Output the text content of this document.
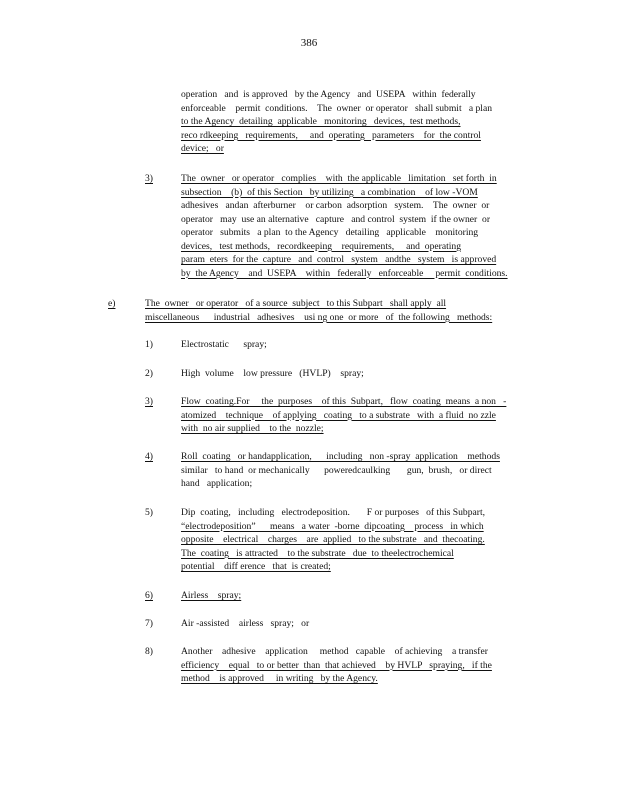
386
operation   and  is approved   by the Agency   and  USEPA   within  federally
enforceable    permit  conditions.    The  owner  or operator   shall submit   a plan
to the Agency  detailing  applicable   monitoring   devices,  test methods,
reco rdkeeping   requirements,     and  operating   parameters    for  the control
device;   or
3)	The  owner   or operator   complies    with  the applicable   limitation   set forth  in
subsection    (b)  of this Section   by utilizing   a combination    of low -VOM
adhesives   andan  afterburner    or carbon  adsorption   system.    The  owner  or
operator   may  use an alternative   capture   and control  system  if the owner  or
operator   submits   a plan  to the Agency   detailing   applicable    monitoring
devices,   test methods,   recordkeeping    requirements,     and  operating
param  eters  for the  capture   and  control   system   andthe   system   is approved
by  the Agency    and  USEPA    within   federally   enforceable     permit  conditions.
e)	The  owner   or operator   of a source  subject   to this Subpart   shall apply  all
miscellaneous      industrial   adhesives    usi ng one  or more   of  the following   methods:
1)	Electrostatic      spray;
2)	High  volume    low pressure   (HVLP)    spray;
3)	Flow  coating.For     the  purposes    of this  Subpart,   flow  coating  means  a non   -
atomized    technique    of applying   coating   to a substrate   with  a fluid  no zzle
with  no air supplied    to the  nozzle;
4)	Roll  coating   or handapplication,      including   non -spray  application    methods
similar   to hand  or mechanically      poweredcaulking       gun,  brush,   or direct
hand   application;
5)	Dip  coating,   including   electrodeposition.       F or purposes   of this Subpart,
“electrodeposition”      means   a water  -borne  dipcoating    process   in which
opposite    electrical    charges    are  applied   to the substrate   and  thecoating.
The  coating   is attracted    to the substrate   due  to theelectrochemical
potential    diff erence   that  is created;
6)	Airless    spray;
7)	Air -assisted    airless   spray;   or
8)	Another    adhesive    application     method   capable    of achieving    a transfer
efficiency    equal   to or better  than  that achieved    by HVLP   spraying,   if the
method    is approved     in writing   by the Agency.
